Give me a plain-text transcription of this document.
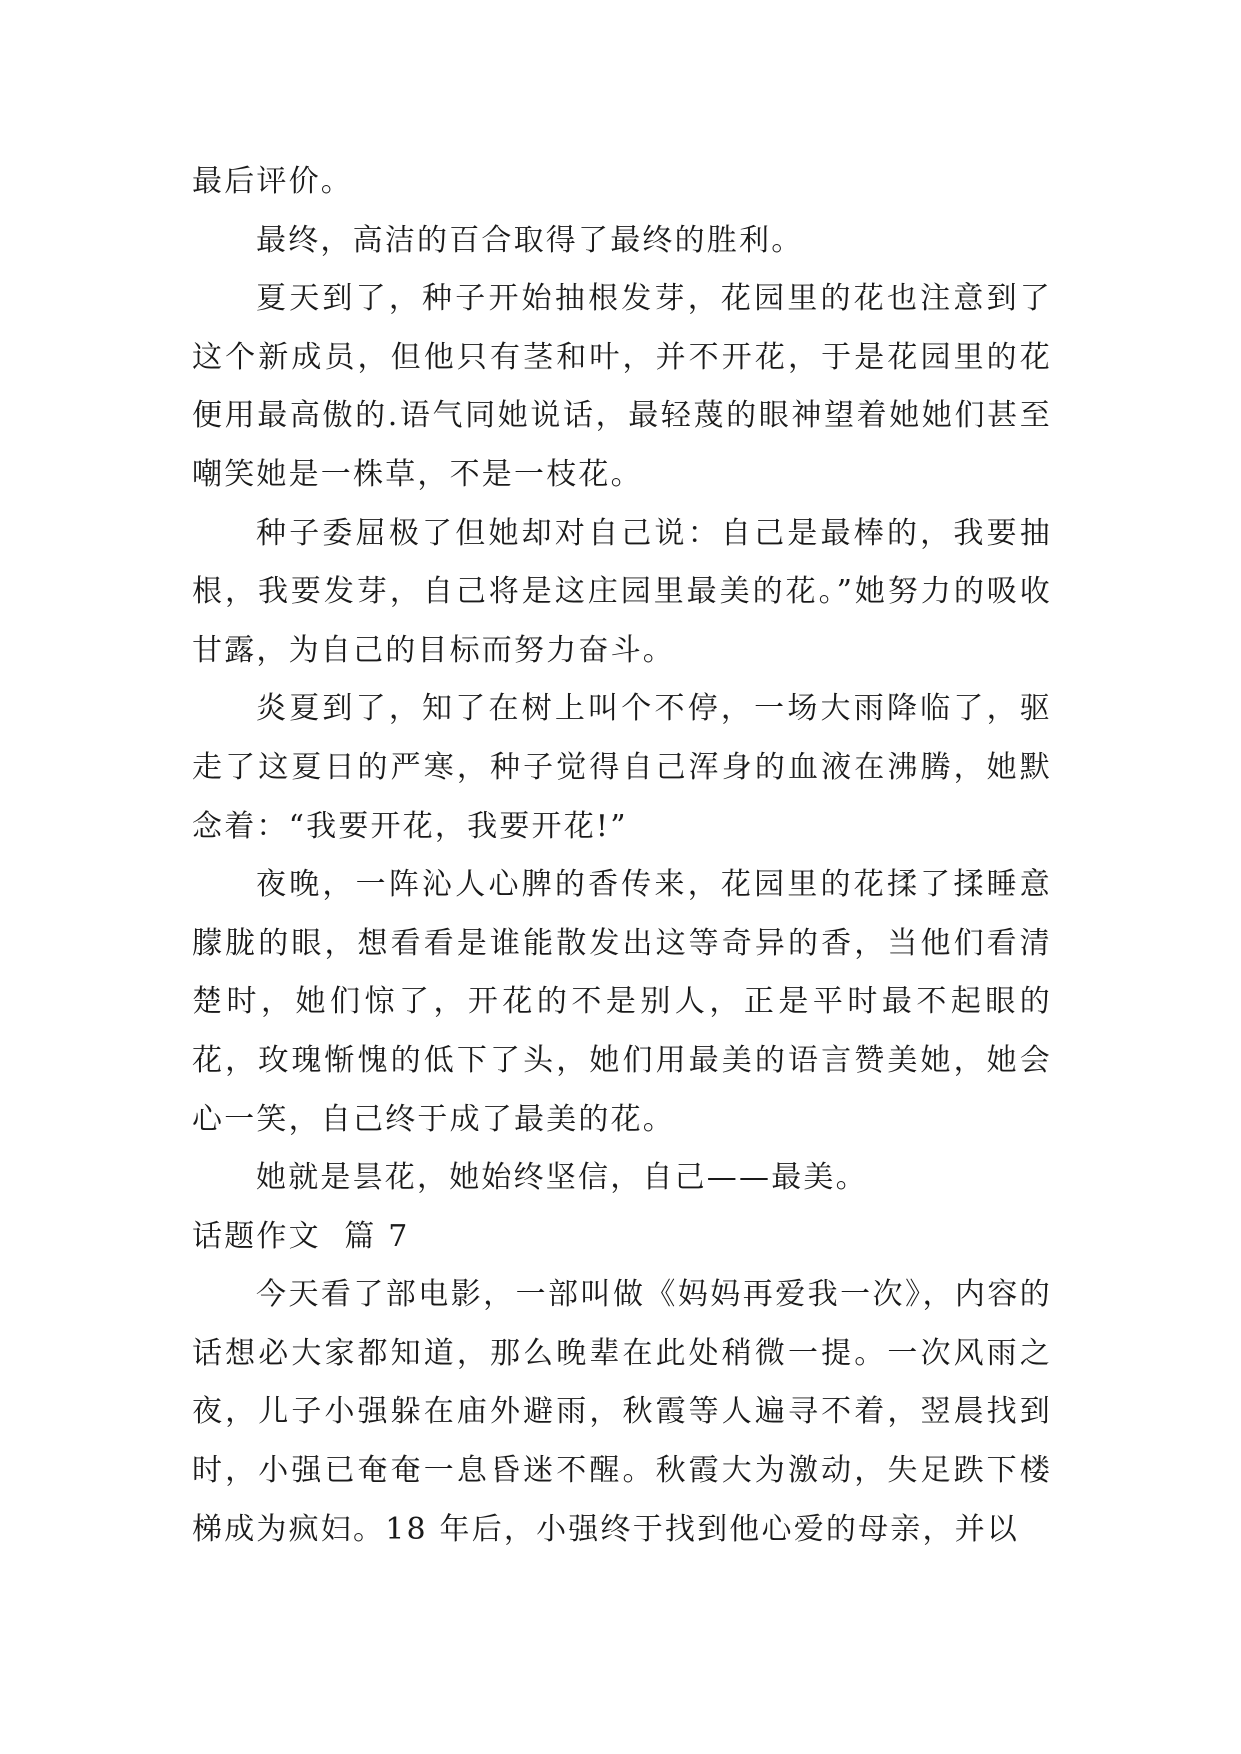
最后评价。

最终，高洁的百合取得了最终的胜利。

夏天到了，种子开始抽根发芽，花园里的花也注意到了这个新成员，但他只有茎和叶，并不开花，于是花园里的花便用最高傲的.语气同她说话，最轻蔑的眼神望着她她们甚至嘲笑她是一株草，不是一枝花。

种子委屈极了但她却对自己说：自己是最棒的，我要抽根，我要发芽，自己将是这庄园里最美的花。”她努力的吸收甘露，为自己的目标而努力奋斗。

炎夏到了，知了在树上叫个不停，一场大雨降临了，驱走了这夏日的严寒，种子觉得自己浑身的血液在沸腾，她默念着：“我要开花，我要开花!”

夜晚，一阵沁人心脾的香传来，花园里的花揉了揉睡意朦胧的眼，想看看是谁能散发出这等奇异的香，当他们看清楚时，她们惊了，开花的不是别人，正是平时最不起眼的花，玫瑰惭愧的低下了头，她们用最美的语言赞美她，她会心一笑，自己终于成了最美的花。

她就是昙花，她始终坚信，自己——最美。

话题作文  篇 7

今天看了部电影，一部叫做《妈妈再爱我一次》，内容的话想必大家都知道，那么晚辈在此处稍微一提。一次风雨之夜，儿子小强躲在庙外避雨，秋霞等人遍寻不着，翌晨找到时，小强已奄奄一息昏迷不醒。秋霞大为激动，失足跌下楼梯成为疯妇。18 年后，小强终于找到他心爱的母亲，并以
